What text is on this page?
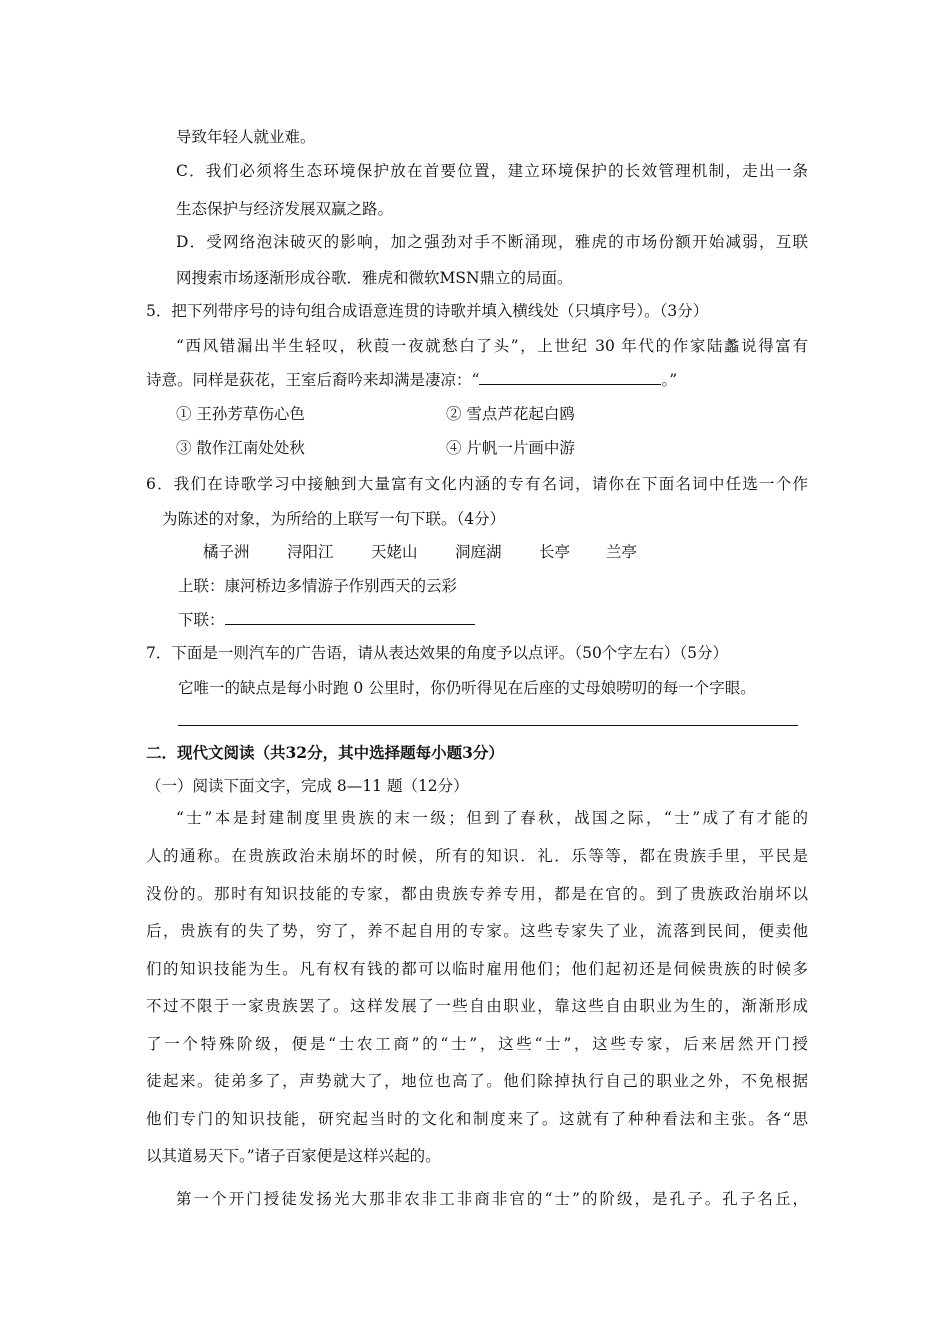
导致年轻人就业难。
C．我们必须将生态环境保护放在首要位置，建立环境保护的长效管理机制，走出一条
生态保护与经济发展双赢之路。
D．受网络泡沫破灭的影响，加之强劲对手不断涌现，雅虎的市场份额开始减弱，互联
网搜索市场逐渐形成谷歌．雅虎和微软MSN鼎立的局面。
5．把下列带序号的诗句组合成语意连贯的诗歌并填入横线处（只填序号）。（3分）
“西风错漏出半生轻叹，秋葭一夜就愁白了头”，上世纪 30 年代的作家陆蠡说得富有
诗意。同样是荻花，王室后裔吟来却满是凄凉：“	。”
① 王孙芳草伤心色	② 雪点芦花起白鸥
③ 散作江南处处秋	④ 片帆一片画中游
6．我们在诗歌学习中接触到大量富有文化内涵的专有名词，请你在下面名词中任选一个作
为陈述的对象，为所给的上联写一句下联。（4分）
橘子洲 浔阳江 天姥山 洞庭湖 长亭 兰亭
上联：康河桥边多情游子作别西天的云彩
下联：
7．下面是一则汽车的广告语，请从表达效果的角度予以点评。（50个字左右）（5分）
它唯一的缺点是每小时跑 0 公里时，你仍听得见在后座的丈母娘唠叨的每一个字眼。
二．现代文阅读（共32分，其中选择题每小题3分）
（一）阅读下面文字，完成 8—11 题（12分）
“士”本是封建制度里贵族的末一级；但到了春秋，战国之际，“士”成了有才能的
人的通称。在贵族政治未崩坏的时候，所有的知识．礼．乐等等，都在贵族手里，平民是
没份的。那时有知识技能的专家，都由贵族专养专用，都是在官的。到了贵族政治崩坏以
后，贵族有的失了势，穷了，养不起自用的专家。这些专家失了业，流落到民间，便卖他
们的知识技能为生。凡有权有钱的都可以临时雇用他们；他们起初还是伺候贵族的时候多
不过不限于一家贵族罢了。这样发展了一些自由职业，靠这些自由职业为生的，渐渐形成
了一个特殊阶级，便是“士农工商”的“士”，这些“士”，这些专家，后来居然开门授
徒起来。徒弟多了，声势就大了，地位也高了。他们除掉执行自己的职业之外，不免根据
他们专门的知识技能，研究起当时的文化和制度来了。这就有了种种看法和主张。各“思
以其道易天下。”诸子百家便是这样兴起的。
第一个开门授徒发扬光大那非农非工非商非官的“士”的阶级，是孔子。孔子名丘，
